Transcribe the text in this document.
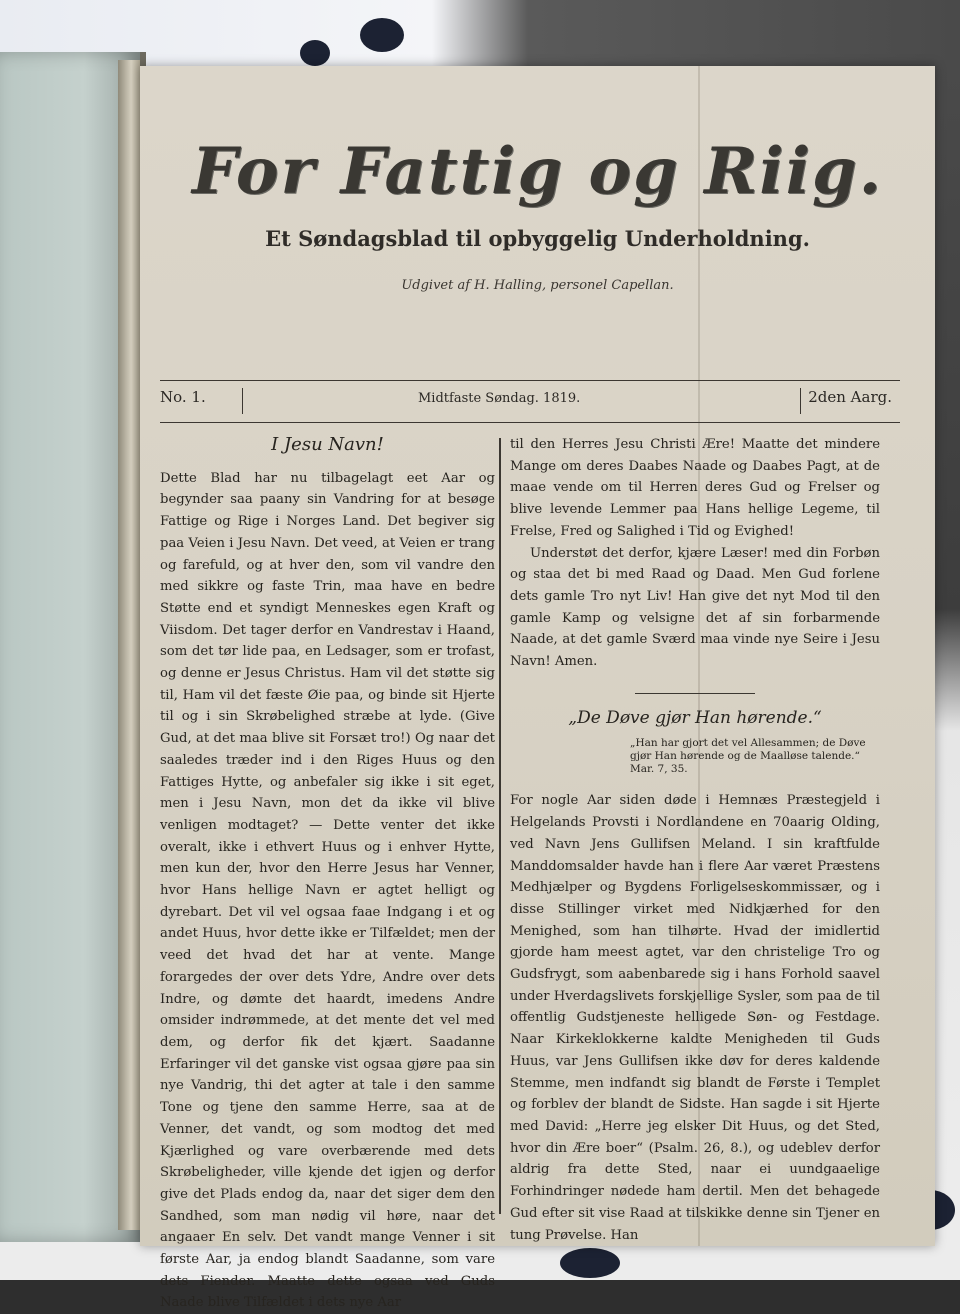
For Fattig og Riig.
Et Søndagsblad til opbyggelig Underholdning.
Udgivet af H. Halling, personel Capellan.
No. 1.	Midtfaste Søndag. 1819.	2den Aarg.
I Jesu Navn!

Dette Blad har nu tilbagelagt eet Aar og begynder saa paany sin Vandring for at besøge Fattige og Rige i Norges Land. Det begiver sig paa Veien i Jesu Navn. Det veed, at Veien er trang og farefuld, og at hver den, som vil vandre den med sikkre og faste Trin, maa have en bedre Støtte end et syndigt Menneskes egen Kraft og Viisdom. Det tager derfor en Vandrestav i Haand, som det tør lide paa, en Ledsager, som er trofast, og denne er Jesus Christus. Ham vil det støtte sig til, Ham vil det fæste Øie paa, og binde sit Hjerte til og i sin Skrøbelighed stræbe at lyde. (Give Gud, at det maa blive sit Forsæt tro!) Og naar det saaledes træder ind i den Riges Huus og den Fattiges Hytte, og anbefaler sig ikke i sit eget, men i Jesu Navn, mon det da ikke vil blive venligen modtaget? — Dette venter det ikke overalt, ikke i ethvert Huus og i enhver Hytte, men kun der, hvor den Herre Jesus har Venner, hvor Hans hellige Navn er agtet helligt og dyrebart. Det vil vel ogsaa faae Indgang i et og andet Huus, hvor dette ikke er Tilfældet; men der veed det hvad det har at vente. Mange forargedes der over dets Ydre, Andre over dets Indre, og dømte det haardt, imedens Andre omsider indrømmede, at det mente det vel med dem, og derfor fik det kjært. Saadanne Erfaringer vil det ganske vist ogsaa gjøre paa sin nye Vandrig, thi det agter at tale i den samme Tone og tjene den samme Herre, saa at de Venner, det vandt, og som modtog det med Kjærlighed og vare overbærende med dets Skrøbeligheder, ville kjende det igjen og derfor give det Plads endog da, naar det siger dem den Sandhed, som man nødig vil høre, naar det angaaer En selv. Det vandt mange Venner i sit første Aar, ja endog blandt Saadanne, som vare dets Fiender. Maatte dette ogsaa ved Guds Naade blive Tilfældet i dets nye Aar

til den Herres Jesu Christi Ære! Maatte det mindere Mange om deres Daabes Naade og Daabes Pagt, at de maae vende om til Herren deres Gud og Frelser og blive levende Lemmer paa Hans hellige Legeme, til Frelse, Fred og Salighed i Tid og Evighed!

Understøt det derfor, kjære Læser! med din Forbøn og staa det bi med Raad og Daad. Men Gud forlene dets gamle Tro nyt Liv! Han give det nyt Mod til den gamle Kamp og velsigne det af sin forbarmende Naade, at det gamle Sværd maa vinde nye Seire i Jesu Navn! Amen.

„De Døve gjør Han hørende.“
„Han har gjort det vel Allesammen; de Døve gjør Han hørende og de Maalløse talende.“ Mar. 7, 35.

For nogle Aar siden døde i Hemnæs Præstegjeld i Helgelands Provsti i Nordlandene en 70aarig Olding, ved Navn Jens Gullifsen Meland. I sin kraftfulde Manddomsalder havde han i flere Aar været Præstens Medhjælper og Bygdens Forligelseskommissær, og i disse Stillinger virket med Nidkjærhed for den Menighed, som han tilhørte. Hvad der imidlertid gjorde ham meest agtet, var den christelige Tro og Gudsfrygt, som aabenbarede sig i hans Forhold saavel under Hverdagslivets forskjellige Sysler, som paa de til offentlig Gudstjeneste helligede Søn- og Festdage. Naar Kirkeklokkerne kaldte Menigheden til Guds Huus, var Jens Gullifsen ikke døv for deres kaldende Stemme, men indfandt sig blandt de Første i Templet og forblev der blandt de Sidste. Han sagde i sit Hjerte med David: „Herre jeg elsker Dit Huus, og det Sted, hvor din Ære boer“ (Psalm. 26, 8.), og udeblev derfor aldrig fra dette Sted, naar ei uundgaaelige Forhindringer nødede ham dertil. Men det behagede Gud efter sit vise Raad at tilskikke denne sin Tjener en tung Prøvelse. Han
